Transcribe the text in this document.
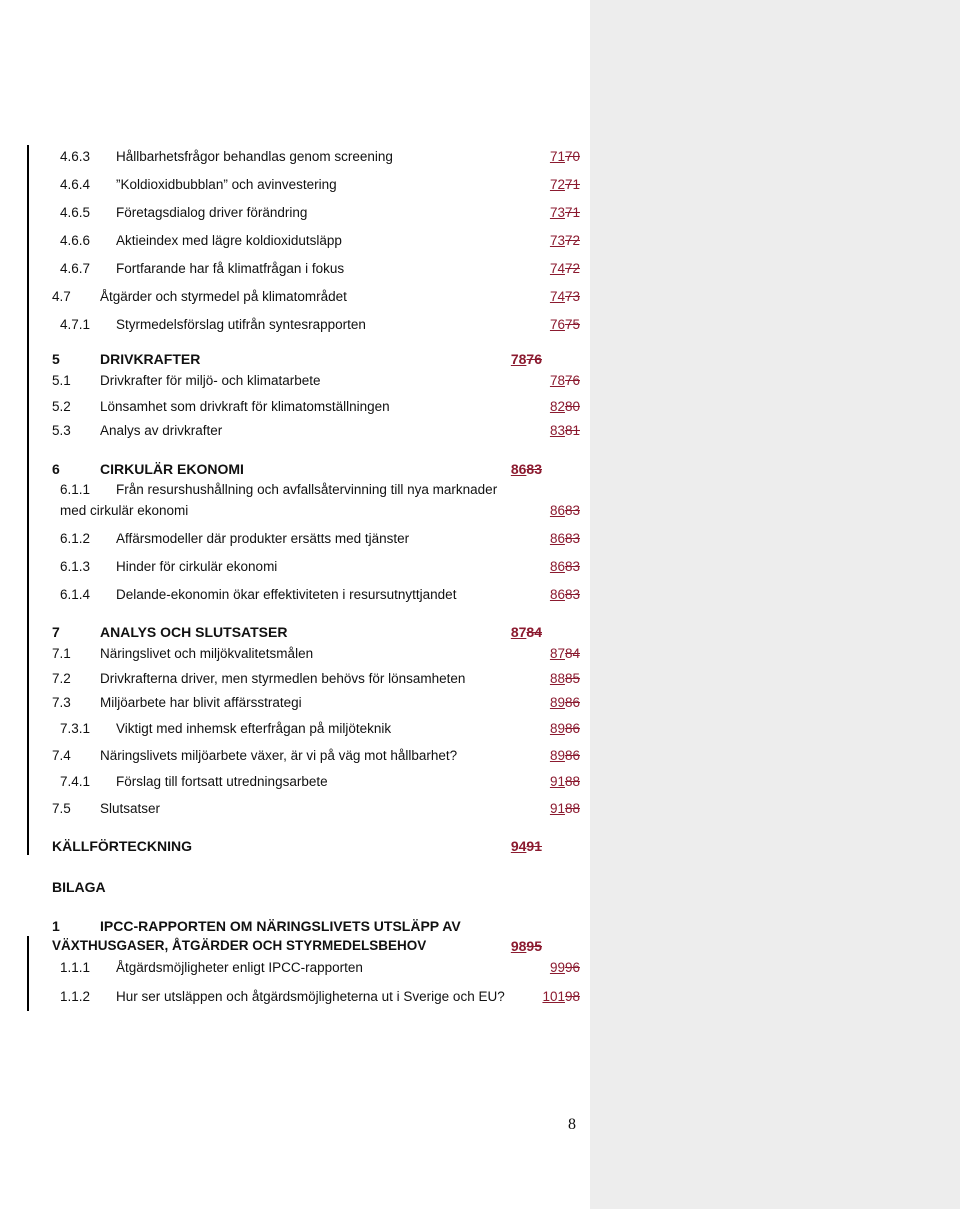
4.6.3 Hållbarhetsfrågor behandlas genom screening	7170
4.6.4 ”Koldioxidbubblan” och avinvestering	7271
4.6.5 Företagsdialog driver förändring	7371
4.6.6 Aktieindex med lägre koldioxidutsläpp	7372
4.6.7 Fortfarande har få klimatfrågan i fokus	7472
4.7 Åtgärder och styrmedel på klimatområdet	7473
4.7.1 Styrmedelsförslag utifrån syntesrapporten	7675
5	DRIVKRAFTER	7876
5.1 Drivkrafter för miljö- och klimatarbete	7876
5.2 Lönsamhet som drivkraft för klimatomställningen	8280
5.3 Analys av drivkrafter	8381
6	CIRKULÄR EKONOMI	8683
6.1.1 Från resurshushållning och avfallsåtervinning till nya marknader
med cirkulär ekonomi	8683
6.1.2 Affärsmodeller där produkter ersätts med tjänster	8683
6.1.3 Hinder för cirkulär ekonomi	8683
6.1.4 Delande-ekonomin ökar effektiviteten i resursutnyttjandet	8683
7	ANALYS OCH SLUTSATSER	8784
7.1 Näringslivet och miljökvalitetsmålen	8784
7.2 Drivkrafterna driver, men styrmedlen behövs för lönsamheten	8885
7.3 Miljöarbete har blivit affärsstrategi	8986
7.3.1 Viktigt med inhemsk efterfrågan på miljöteknik	8986
7.4 Näringslivets miljöarbete växer, är vi på väg mot hållbarhet?	8986
7.4.1 Förslag till fortsatt utredningsarbete	9188
7.5 Slutsatser	9188
KÄLLFÖRTECKNING	9491
BILAGA
1	IPCC-RAPPORTEN OM NÄRINGSLIVETS UTSLÄPP AV
VÄXTHUSGASER, ÅTGÄRDER OCH STYRMEDELSBEHOV	9895
1.1.1 Åtgärdsmöjligheter enligt IPCC-rapporten	9996
1.1.2 Hur ser utsläppen och åtgärdsmöjligheterna ut i Sverige och EU?	10198
8
